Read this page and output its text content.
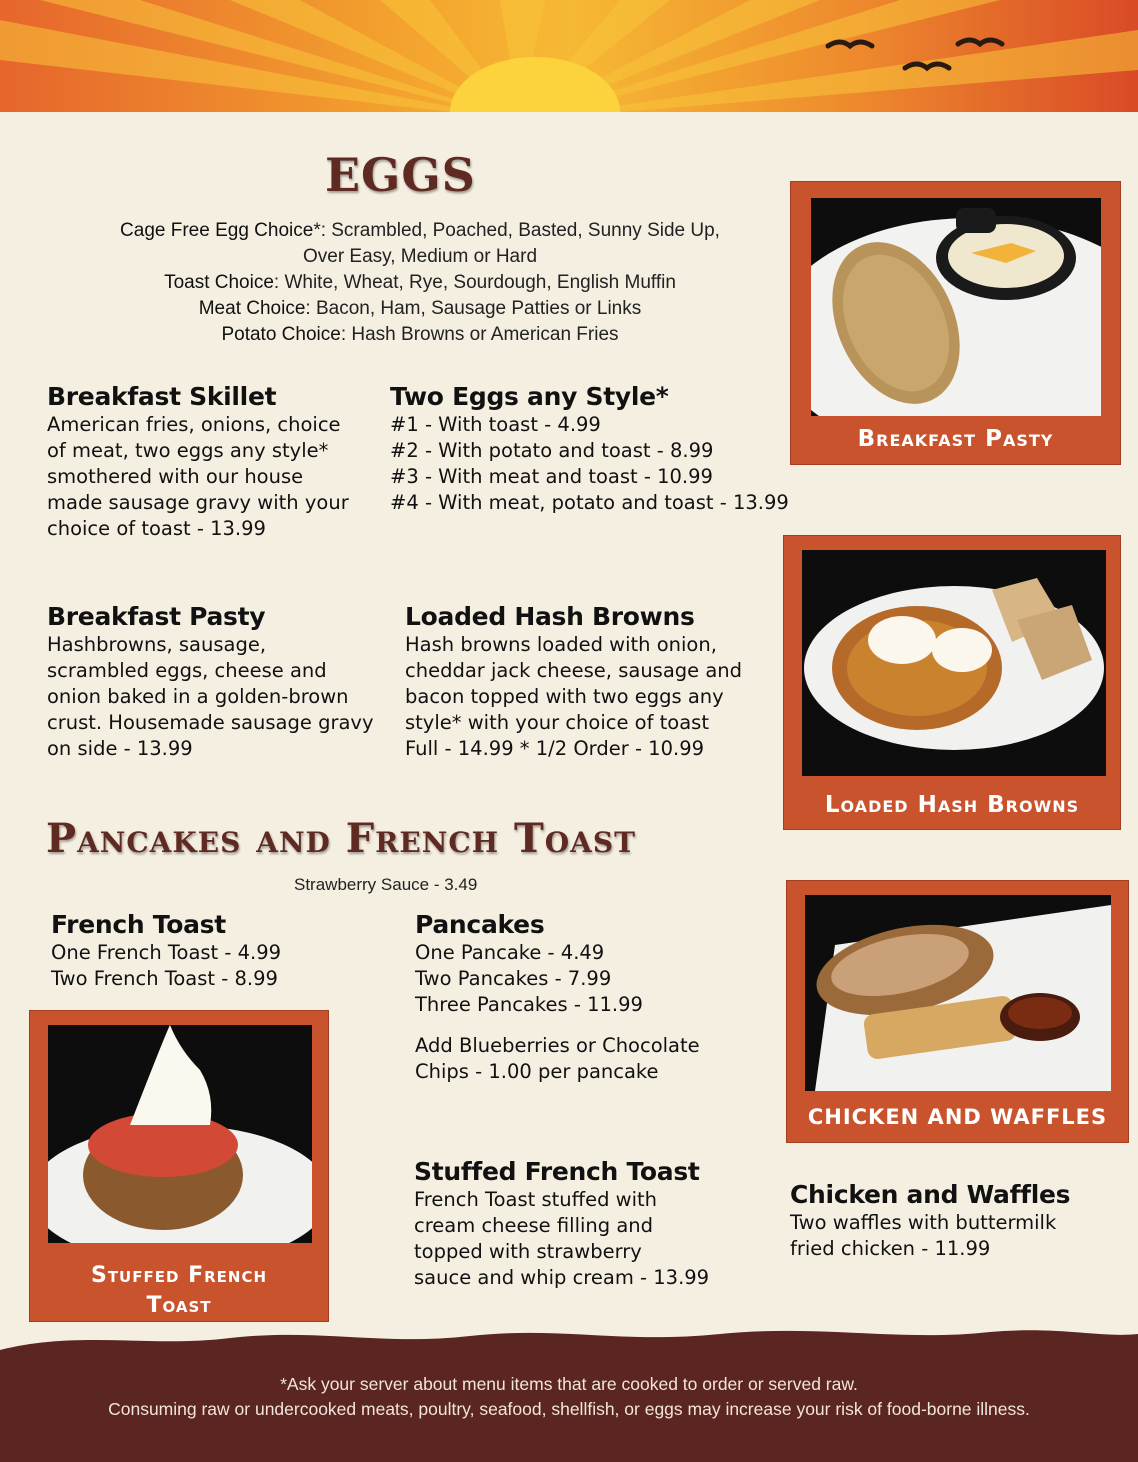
EGGS
Cage Free Egg Choice*: Scrambled, Poached, Basted, Sunny Side Up,
Over Easy, Medium or Hard
Toast Choice: White, Wheat, Rye, Sourdough, English Muffin
Meat Choice: Bacon, Ham, Sausage Patties or Links
Potato Choice: Hash Browns or American Fries
Breakfast Skillet
American fries, onions, choice
of meat, two eggs any style*
smothered with our house
made sausage gravy with your
choice of toast - 13.99
Two Eggs any Style*
#1 - With toast - 4.99
#2 - With potato and toast - 8.99
#3 - With meat and toast - 10.99
#4 - With meat, potato and toast - 13.99
Breakfast Pasty
Hashbrowns, sausage,
scrambled eggs, cheese and
onion baked in a golden-brown
crust. Housemade sausage gravy
on side - 13.99
Loaded Hash Browns
Hash browns loaded with onion,
cheddar jack cheese, sausage and
bacon topped with two eggs any
style* with your choice of toast
Full - 14.99 * 1/2 Order - 10.99
Pancakes and French Toast
Strawberry Sauce - 3.49
French Toast
One French Toast - 4.99
Two French Toast - 8.99
Pancakes
One Pancake - 4.49
Two Pancakes - 7.99
Three Pancakes - 11.99
Add Blueberries or Chocolate
Chips - 1.00 per pancake
Stuffed French Toast
French Toast stuffed with
cream cheese filling and
topped with strawberry
sauce and whip cream - 13.99
Chicken and Waffles
Two waffles with buttermilk
fried chicken - 11.99
Breakfast Pasty
Loaded Hash Browns
CHICKEN AND WAFFLES
Stuffed French
Toast
*Ask your server about menu items that are cooked to order or served raw.
Consuming raw or undercooked meats, poultry, seafood, shellfish, or eggs may increase your risk of food-borne illness.
